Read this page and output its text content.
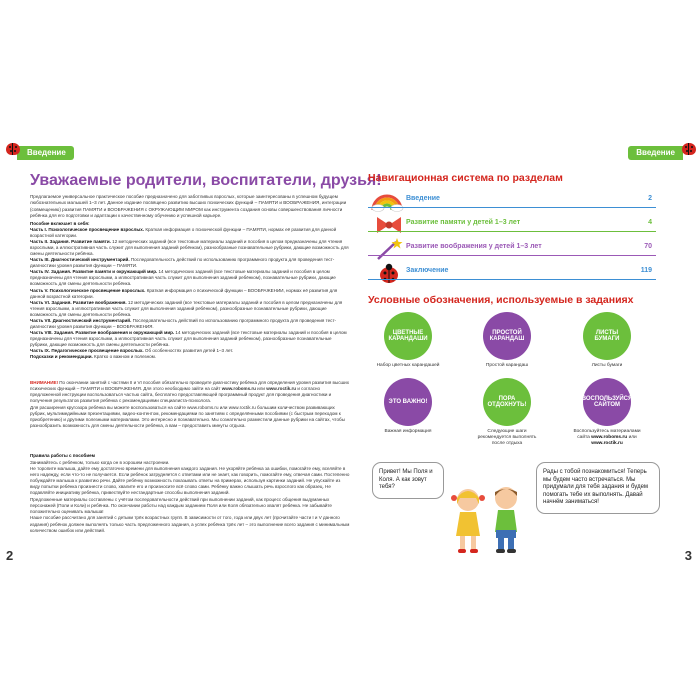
Введение
Уважаемые родители, воспитатели, друзья!
Предлагаемое универсальное практическое пособие предназначено для заботливых взрослых, которые заинтересованы в успешном будущем любознательных малышей 1–3 лет. Данное издание посвящено развитию высших психических функций – ПАМЯТИ и ВОOБРАЖЕНИЯ, интеграции (совмещению) развития ПАМЯТИ и ВООБРАЖЕНИЯ с ОКРУЖАЮЩИМ МИРОМ как инструмента создания основы совершенствования личности ребёнка для его подготовки и адаптации к качественному обучению и успешной карьере.
Пособие включает в себя:
Часть I. Психологическое просвещение взрослых. Краткая информация о психической функции – ПАМЯТИ, нормах её развития для данной возрастной категории.
Часть II. Задания. Развитие памяти. 12 методических заданий (все текстовые материалы заданий и пособия в целом предназначены для чтения взрослыми, а иллюстративная часть служит для выполнения заданий ребёнком), разнообразные познавательные рубрики, дающие возможность для смены деятельности ребёнка.
Часть III. Диагностический инструментарий. Последовательность действий по использованию программного продукта для проведения тест-диагностики уровня развития функции – ПАМЯТИ.
Часть IV. Задания. Развитие памяти и окружающий мир. 14 методических заданий (все текстовые материалы заданий и пособия в целом предназначены для чтения взрослыми, а иллюстративная часть служит для выполнения заданий ребёнком), познавательные рубрики, дающие возможность для смены деятельности ребёнка.
Часть V. Психологическое просвещение взрослых. Краткая информация о психической функции – ВООБРАЖЕНИИ, нормах её развития для данной возрастной категории.
Часть VI. Задания. Развитие воображения. 12 методических заданий (все текстовые материалы заданий и пособия в целом предназначены для чтения взрослыми, а иллюстративная часть служит для выполнения заданий ребёнком), разнообразные познавательные рубрики, дающие возможность для смены деятельности ребёнка.
Часть VII. Диагностический инструментарий. Последовательность действий по использованию программного продукта для проведения тест-диагностики уровня развития функции – ВООБРАЖЕНИЯ.
Часть VIII. Задания. Развитие воображения и окружающий мир. 14 методических заданий (все текстовые материалы заданий и пособия в целом предназначены для чтения взрослыми, а иллюстративная часть служит для выполнения заданий ребёнком), разнообразные познавательные рубрики, дающие возможность для смены деятельности ребёнка.
Часть IX. Педагогическое просвещение взрослых. Об особенностях развития детей 1–3 лет.
Подсказки и рекомендации. Кратко о важном и полезном.
ВНИМАНИЕ! По окончании занятий с частями II и VI пособия обязательно проведите диагностику ребёнка для определения уровня развития высших психических функций – ПАМЯТИ и ВООБРАЖЕНИЯ. Для этого необходимо зайти на сайт www.roboms.ru или www.roctik.ru и согласно предложенной инструкции воспользоваться частью сайта, бесплатно предоставляющей программный продукт для проведения диагностики и получения результатов развития ребёнка с рекомендациями специалиста-психолога.
Для расширения кругозора ребёнка вы можете воспользоваться на сайте www.roboms.ru или www.roctik.ru большим количеством развивающих рубрик, мультимедийными презентациями, видео-контентом, рекомендациями по занятиям с определёнными пособиями (с быстрым переходом к приобретению) и другими полезными материалами. Это интересно и познавательно. Мы сознательно разместили данные рубрики на сайтах, чтобы разнообразить возможность для смены деятельности ребёнка, а вам – предоставить минуты отдыха.
Правила работы с пособием
Занимайтесь с ребёнком, только когда он в хорошем настроении.
Не торопите малыша, дайте ему достаточно времени для выполнения каждого задания. Не укоряйте ребёнка за ошибки, помогайте ему, вселяйте в него надежду, если что-то не получается. Если ребёнок затрудняется с ответами или не знает, как говорить, помогайте ему, отвечая сами. Постепенно побуждайте малыша к развитию речи. Дайте ребёнку возможность показывать ответы на примерах, используя картинки заданий. Не упускайте из виду попытки ребёнка произнести слово, хвалите его и произносите всё слово сами. Ребёнку важно слышать речь взрослого как образец. Не подавляйте инициативу ребёнка, привествуйте нестандартные способы выполнения заданий.
Предложенные материалы составлены с учётом последовательности действий при выполнении заданий, как процесс общения выдуманных персонажей (Поли и Коли) и ребёнка. По окончании работы над каждым заданием Поля или Коля обязательно хвалят ребёнка. Не забывайте положительно оценивать малыша!
Наше пособие рассчитано для занятий с детьми трёх возрастных групп. В зависимости от того, года или двух лет (прочитайте части I и V данного издания) ребёнок должен выполнять только часть предложенного задания, а успех ребёнка трёх лет – это выполнение всего задания с минимальным количеством ошибок или действий.
2
Введение
Навигационная система по разделам
Введение	2
Развитие памяти у детей 1–3 лет	4
Развитие воображения у детей 1–3 лет	70
Заключение	119
Условные обозначения, используемые в заданиях
ЦВЕТНЫЕ КАРАНДАШИ
Набор цветных карандашей
ПРОСТОЙ КАРАНДАШ
Простой карандаш
ЛИСТЫ БУМАГИ
Листы бумаги
ЭТО ВАЖНО!
Важная информация
ПОРА ОТДОХНУТЬ!
Следующие шаги рекомендуется выполнять после отдыха
ВОСПОЛЬЗУЙСЯ САЙТОМ
Воспользуйтесь материалами сайта www.roboms.ru или www.roctik.ru
Привет! Мы Поля и Коля. А как зовут тебя?
Рады с тобой познакомиться! Теперь мы будем часто встречаться. Мы придумали для тебя задания и будем помогать тебе их выполнять. Давай начнём заниматься!
3
